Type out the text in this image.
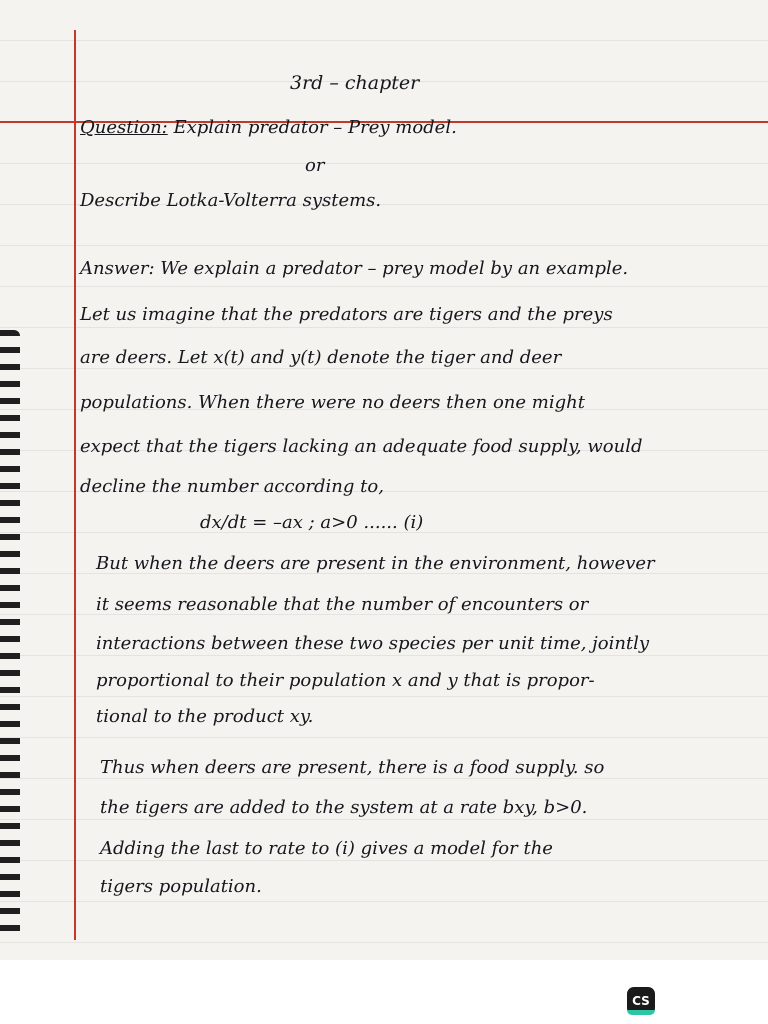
3rd – chapter
Question: Explain predator – Prey model.
or
Describe Lotka-Volterra systems.
Answer: We explain a predator – prey model by an example.
Let us imagine that the predators are tigers and the preys
are deers. Let x(t) and y(t) denote the tiger and deer
populations. When there were no deers then one might
expect that the tigers lacking an adequate food supply, would
decline the number according to,
dx/dt = –ax ; a>0 ...... (i)
But when the deers are present in the environment, however
it seems reasonable that the number of encounters or
interactions between these two species per unit time, jointly
proportional to their population x and y that is propor-
tional to the product xy.
Thus when deers are present, there is a food supply. so
the tigers are added to the system at a rate bxy, b>0.
Adding the last to rate to (i) gives a model for the
tigers population.
CS
